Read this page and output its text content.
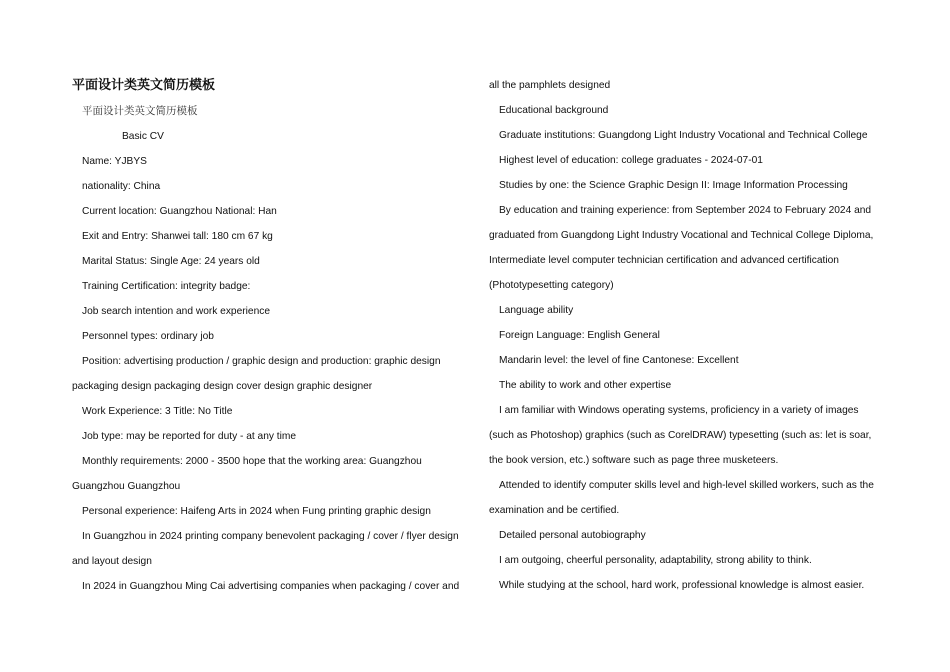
平面设计类英文简历模板
平面设计类英文简历模板
Basic CV
Name: YJBYS
nationality: China
Current location: Guangzhou National: Han
Exit and Entry: Shanwei tall: 180 cm 67 kg
Marital Status: Single Age: 24 years old
Training Certification: integrity badge:
Job search intention and work experience
Personnel types: ordinary job
Position: advertising production / graphic design and production: graphic design
packaging design packaging design cover design graphic designer
Work Experience: 3 Title: No Title
Job type: may be reported for duty - at any time
Monthly requirements: 2000 - 3500 hope that the working area: Guangzhou
Guangzhou Guangzhou
Personal experience: Haifeng Arts in 2024 when Fung printing graphic design
In Guangzhou in 2024 printing company benevolent packaging / cover / flyer design
and layout design
In 2024 in Guangzhou Ming Cai advertising companies when packaging / cover and
all the pamphlets designed
Educational background
Graduate institutions: Guangdong Light Industry Vocational and Technical College
Highest level of education: college graduates - 2024-07-01
Studies by one: the Science Graphic Design II: Image Information Processing
By education and training experience: from September 2024 to February 2024 and
graduated from Guangdong Light Industry Vocational and Technical College Diploma,
Intermediate level computer technician certification and advanced certification
(Phototypesetting category)
Language ability
Foreign Language: English General
Mandarin level: the level of fine Cantonese: Excellent
The ability to work and other expertise
I am familiar with Windows operating systems, proficiency in a variety of images
(such as Photoshop) graphics (such as CorelDRAW) typesetting (such as: let is soar,
the book version, etc.) software such as page three musketeers.
Attended to identify computer skills level and high-level skilled workers, such as the
examination and be certified.
Detailed personal autobiography
I am outgoing, cheerful personality, adaptability, strong ability to think.
While studying at the school, hard work, professional knowledge is almost easier.
